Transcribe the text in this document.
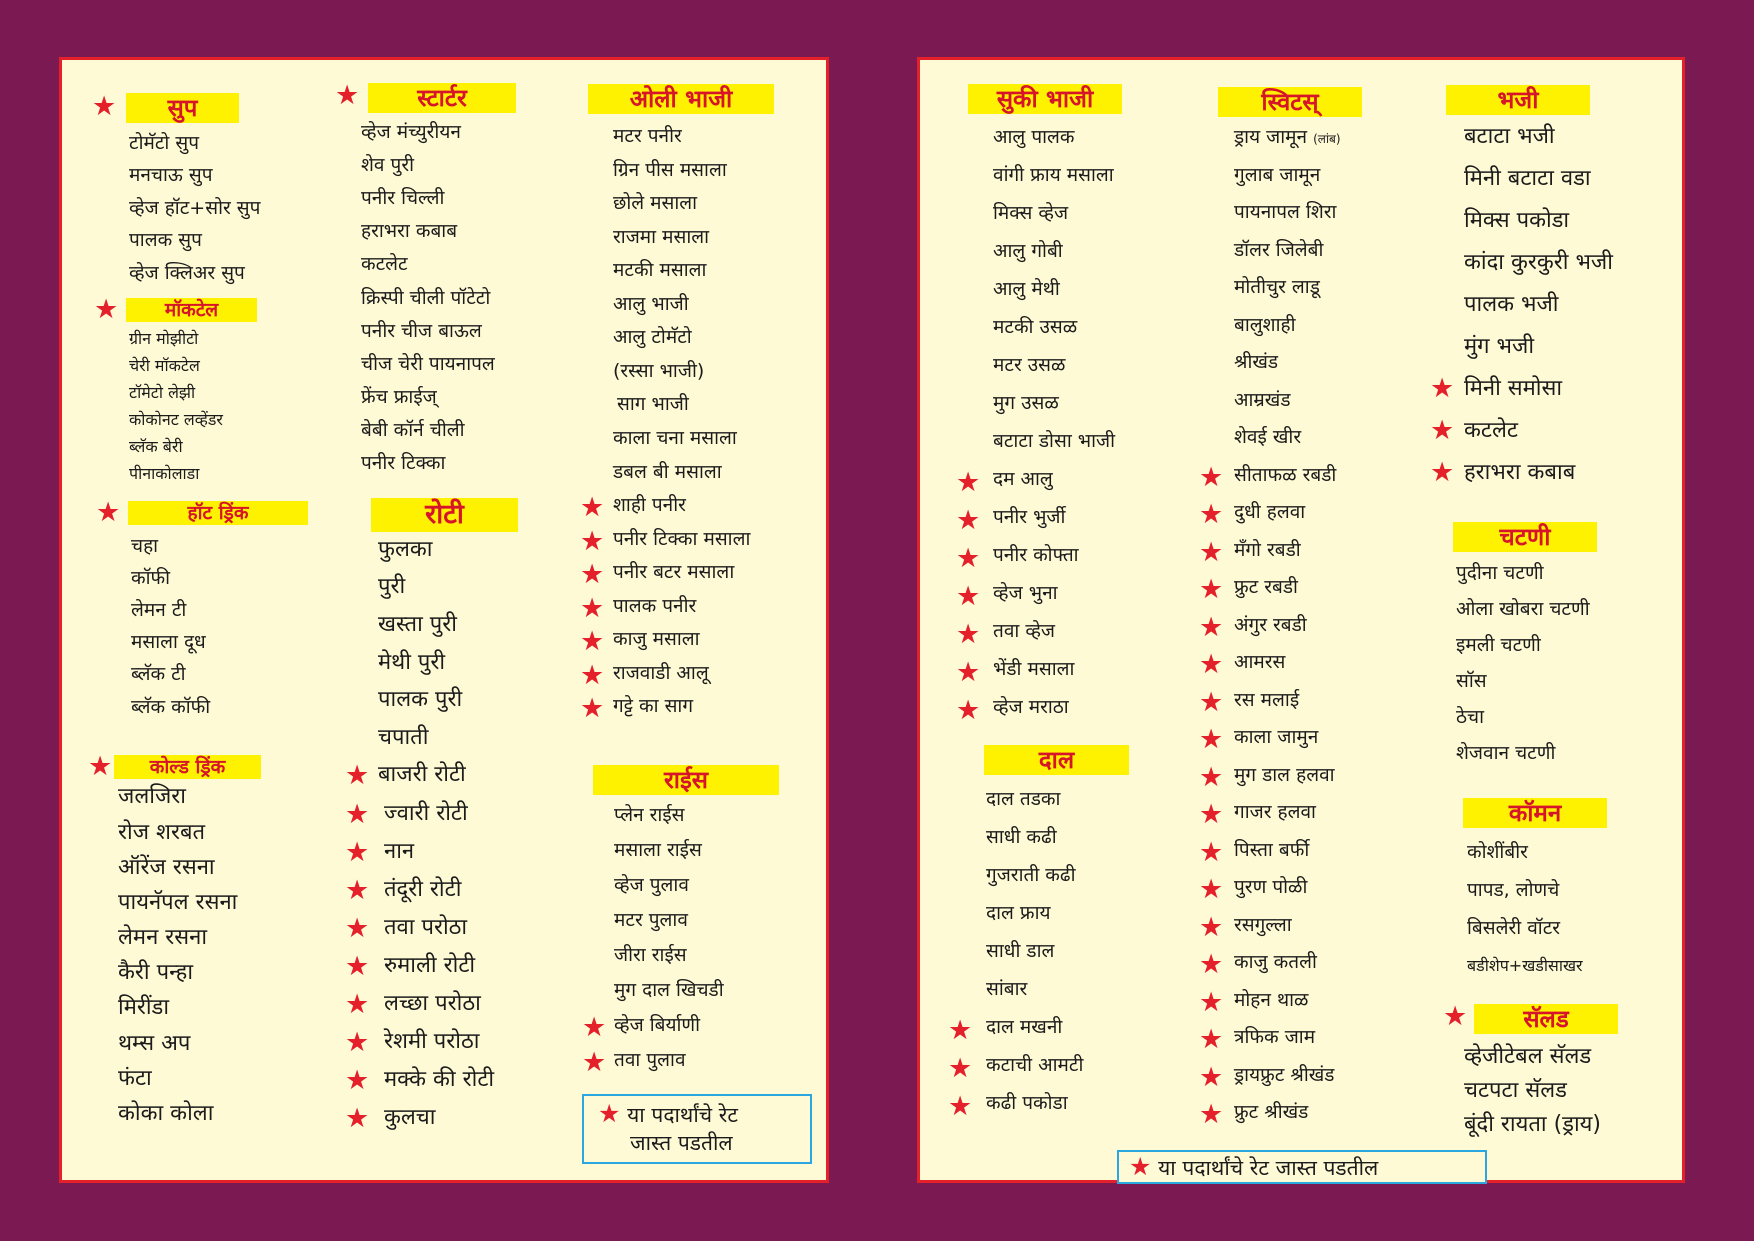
★	सुप
टोमॅटो सुप
मनचाऊ सुप
व्हेज हॉट+सोर सुप
पालक सुप
व्हेज क्लिअर सुप
★	मॉकटेल
ग्रीन मोझीटो
चेरी मॉकटेल
टॉमेटो लेझी
कोकोनट लव्हेंडर
ब्लॅक बेरी
पीनाकोलाडा
★	हॉट ड्रिंक
चहा
कॉफी
लेमन टी
मसाला दूध
ब्लॅक टी
ब्लॅक कॉफी
★	कोल्ड ड्रिंक
जलजिरा
रोज शरबत
ऑरेंज रसना
पायनॅपल रसना
लेमन रसना
कैरी पन्हा
मिरींडा
थम्स अप
फंटा
कोका कोला
★	स्टार्टर
व्हेज मंच्युरीयन
शेव पुरी
पनीर चिल्ली
हराभरा कबाब
कटलेट
क्रिस्पी चीली पॉटेटो
पनीर चीज बाऊल
चीज चेरी पायनापल
फ्रेंच फ्राईज्
बेबी कॉर्न चीली
पनीर टिक्का
रोटी
फुलका
पुरी
खस्ता पुरी
मेथी पुरी
पालक पुरी
चपाती
★ बाजरी रोटी
★ ज्वारी रोटी
★ नान
★ तंदूरी रोटी
★ तवा परोठा
★ रुमाली रोटी
★ लच्छा परोठा
★ रेशमी परोठा
★ मक्के की रोटी
★ कुलचा
ओली भाजी
मटर पनीर
ग्रिन पीस मसाला
छोले मसाला
राजमा मसाला
मटकी मसाला
आलु भाजी
आलु टोमॅटो
(रस्सा भाजी)
साग भाजी
काला चना मसाला
डबल बी मसाला
★ शाही पनीर
★ पनीर टिक्का मसाला
★ पनीर बटर मसाला
★ पालक पनीर
★ काजु मसाला
★ राजवाडी आलू
★ गट्टे का साग
राईस
प्लेन राईस
मसाला राईस
व्हेज पुलाव
मटर पुलाव
जीरा राईस
मुग दाल खिचडी
★ व्हेज बिर्याणी
★ तवा पुलाव
★ या पदार्थांचे रेट
जास्त पडतील
सुकी भाजी
आलु पालक
वांगी फ्राय मसाला
मिक्स व्हेज
आलु गोबी
आलु मेथी
मटकी उसळ
मटर उसळ
मुग उसळ
बटाटा डोसा भाजी
★ दम आलु
★ पनीर भुर्जी
★ पनीर कोफ्ता
★ व्हेज भुना
★ तवा व्हेज
★ भेंडी मसाला
★ व्हेज मराठा
दाल
दाल तडका
साधी कढी
गुजराती कढी
दाल फ्राय
साधी डाल
सांबार
★ दाल मखनी
★ कटाची आमटी
★ कढी पकोडा
स्विटस्
ड्राय जामून (लांब)
गुलाब जामून
पायनापल शिरा
डॉलर जिलेबी
मोतीचुर लाडू
बालुशाही
श्रीखंड
आम्रखंड
शेवई खीर
★ सीताफळ रबडी
★ दुधी हलवा
★ मॅंगो रबडी
★ फ्रुट रबडी
★ अंगुर रबडी
★ आमरस
★ रस मलाई
★ काला जामुन
★ मुग डाल हलवा
★ गाजर हलवा
★ पिस्ता बर्फी
★ पुरण पोळी
★ रसगुल्ला
★ काजु कतली
★ मोहन थाळ
★ त्रफिक जाम
★ ड्रायफ्रुट श्रीखंड
★ फ्रुट श्रीखंड
भजी
बटाटा भजी
मिनी बटाटा वडा
मिक्स पकोडा
कांदा कुरकुरी भजी
पालक भजी
मुंग भजी
★ मिनी समोसा
★ कटलेट
★ हराभरा कबाब
चटणी
पुदीना चटणी
ओला खोबरा चटणी
इमली चटणी
सॉस
ठेचा
शेजवान चटणी
कॉमन
कोशींबीर
पापड, लोणचे
बिसलेरी वॉटर
बडीशेप+खडीसाखर
★	सॅलड
व्हेजीटेबल सॅलड
चटपटा सॅलड
बूंदी रायता (ड्राय)
★ या पदार्थांचे रेट जास्त पडतील
